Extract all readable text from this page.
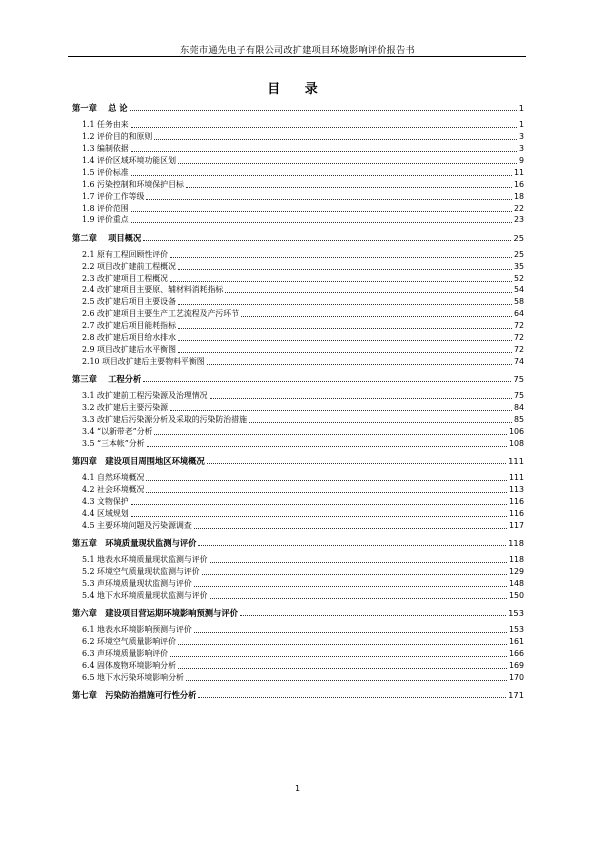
东莞市通先电子有限公司改扩建项目环境影响评价报告书
目 录
第一章　 总 论	1
1.1 任务由来	1
1.2 评价目的和原则	3
1.3 编制依据	3
1.4 评价区域环境功能区划	9
1.5 评价标准	11
1.6 污染控制和环境保护目标	16
1.7 评价工作等级	18
1.8 评价范围	22
1.9 评价重点	23
第二章　 项目概况	25
2.1 原有工程回顾性评价	25
2.2 项目改扩建前工程概况	35
2.3 改扩建项目工程概况	52
2.4 改扩建项目主要原、辅材料消耗指标	54
2.5 改扩建后项目主要设备	58
2.6 改扩建项目主要生产工艺流程及产污环节	64
2.7 改扩建后项目能耗指标	72
2.8 改扩建后项目给水排水	72
2.9 项目改扩建后水平衡图	72
2.10 项目改扩建后主要物料平衡图	74
第三章　 工程分析	75
3.1 改扩建前工程污染源及治理情况	75
3.2 改扩建后主要污染源	84
3.3 改扩建后污染源分析及采取的污染防治措施	85
3.4 “以新带老”分析	106
3.5 “三本帐”分析	108
第四章　建设项目周围地区环境概况	111
4.1 自然环境概况	111
4.2 社会环境概况	113
4.3 文物保护	116
4.4 区域规划	116
4.5 主要环境问题及污染源调查	117
第五章　环境质量现状监测与评价	118
5.1 地表水环境质量现状监测与评价	118
5.2 环境空气质量现状监测与评价	129
5.3 声环境质量现状监测与评价	148
5.4 地下水环境质量现状监测与评价	150
第六章　建设项目营运期环境影响预测与评价	153
6.1 地表水环境影响预测与评价	153
6.2 环境空气质量影响评价	161
6.3 声环境质量影响评价	166
6.4 固体废物环境影响分析	169
6.5 地下水污染环境影响分析	170
第七章　污染防治措施可行性分析	171
1
